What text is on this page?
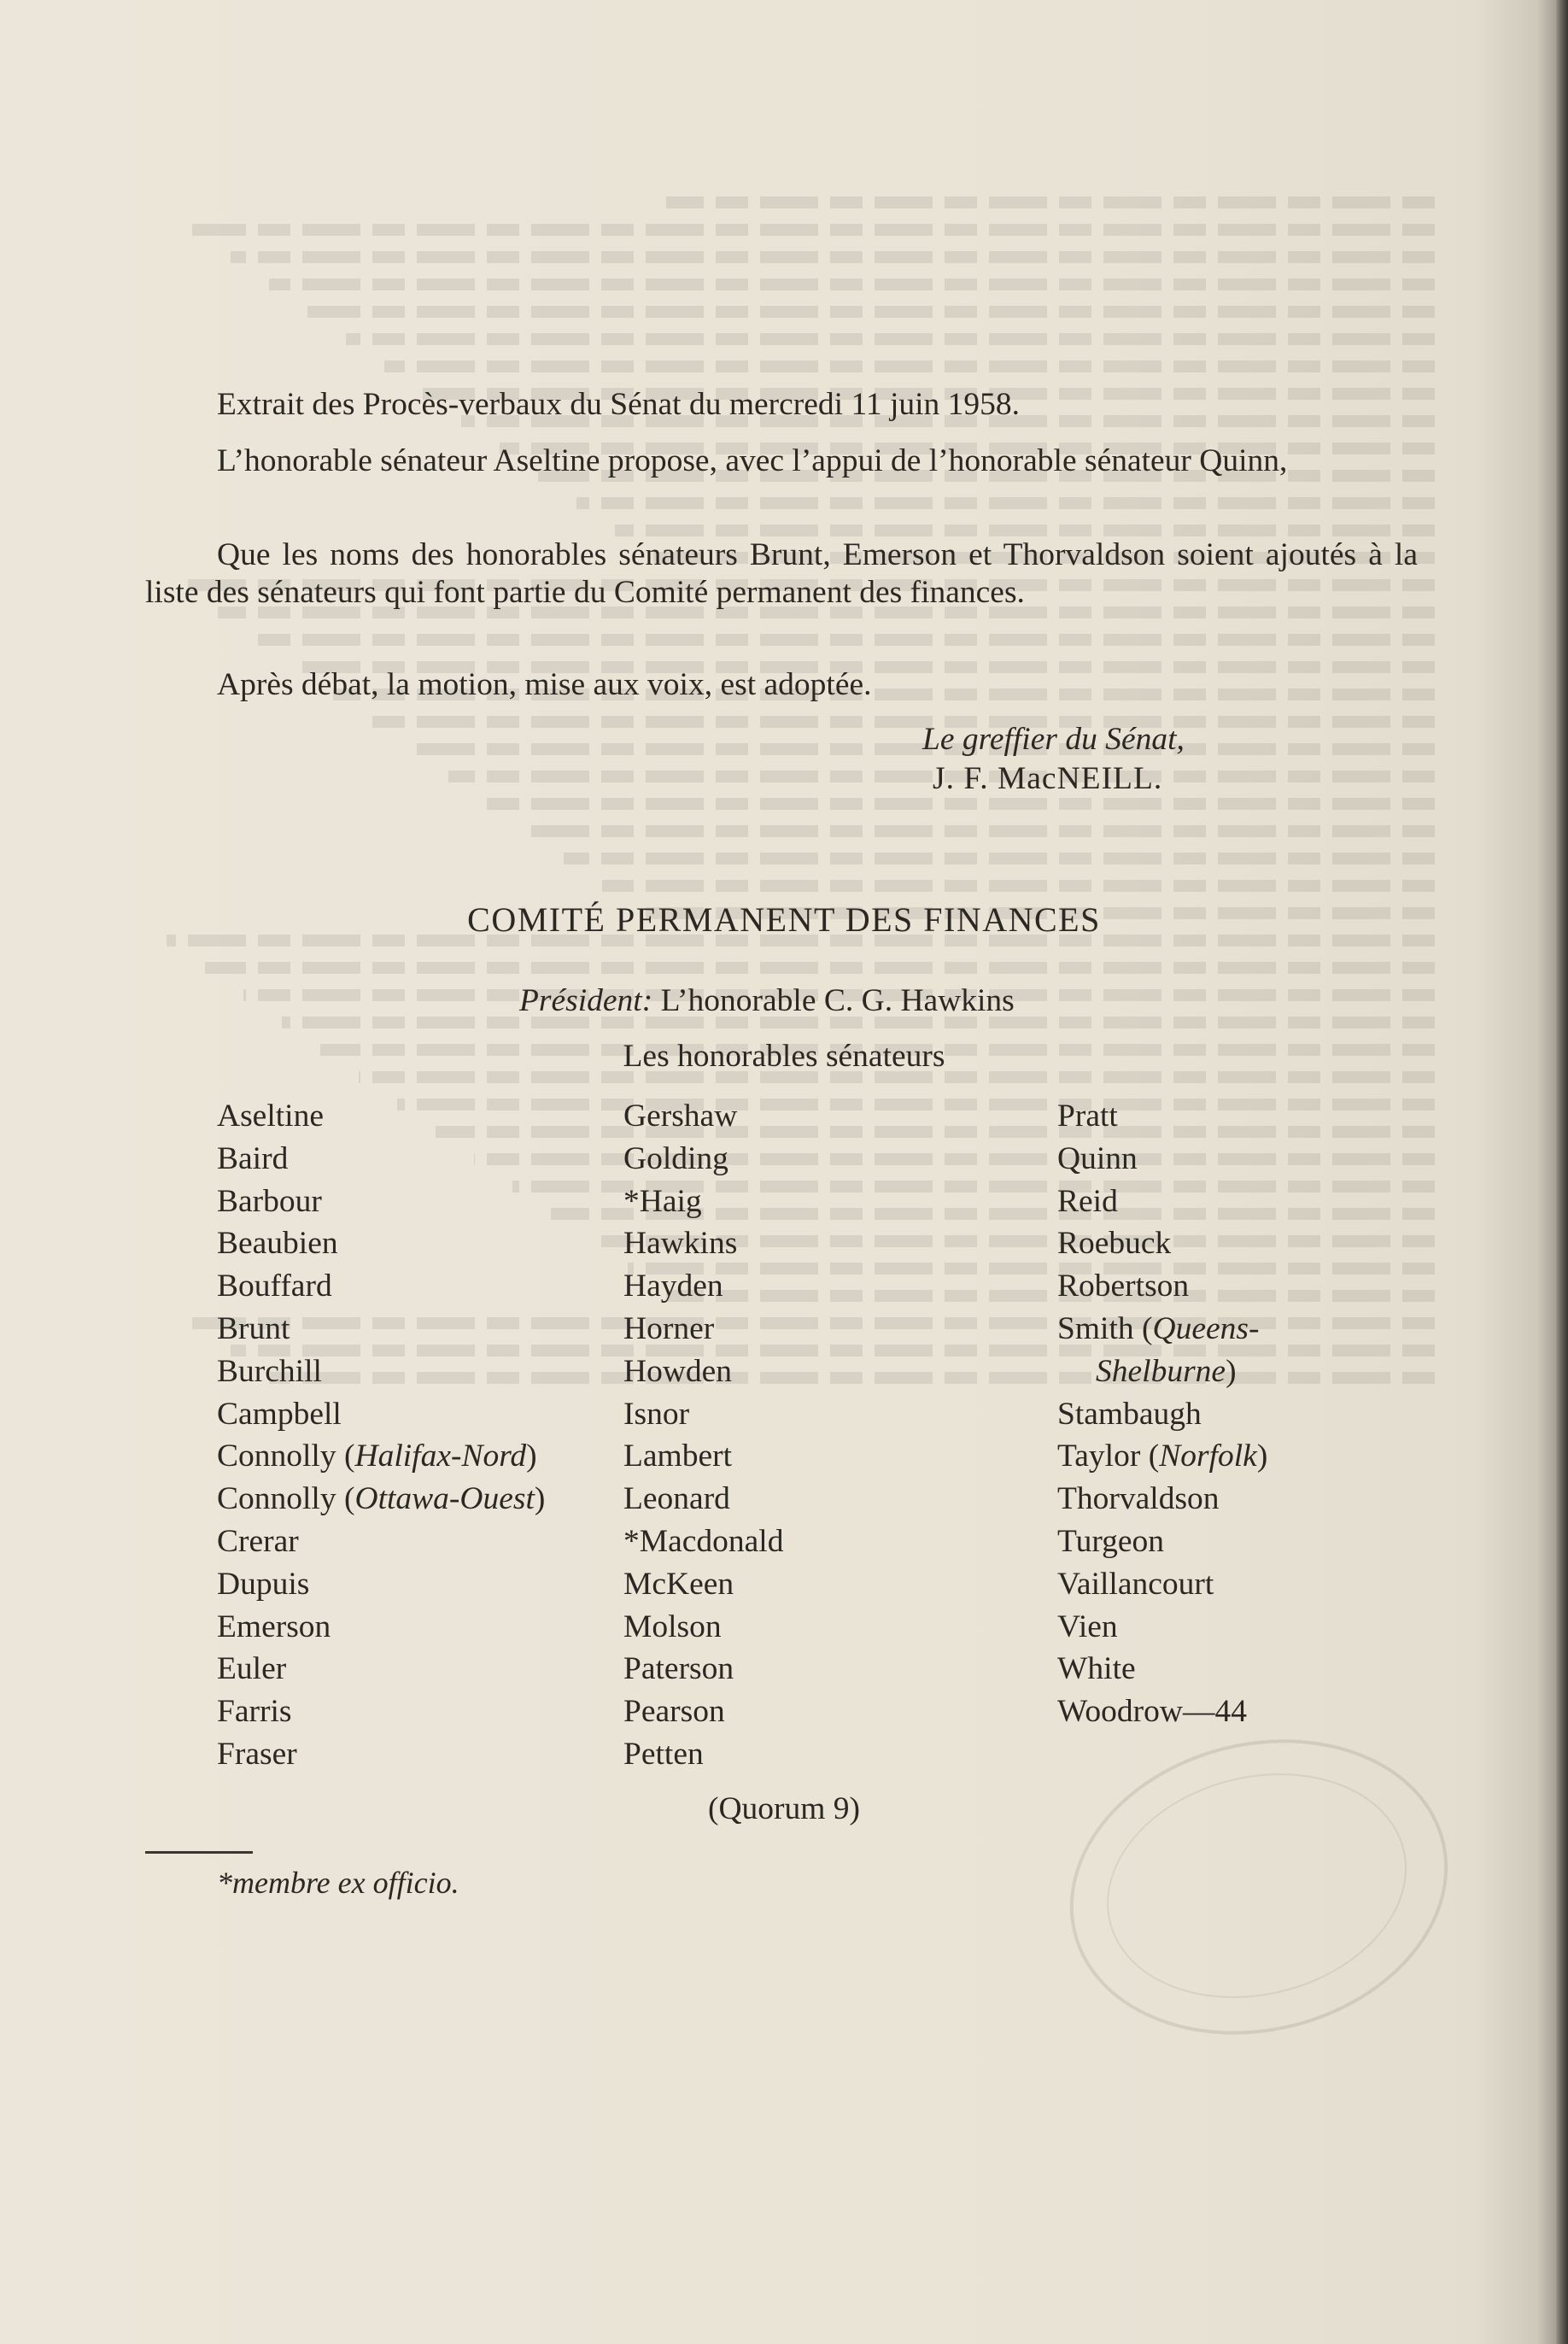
Extrait des Procès-verbaux du Sénat du mercredi 11 juin 1958.
L’honorable sénateur Aseltine propose, avec l’appui de l’honorable sénateur Quinn,
Que les noms des honorables sénateurs Brunt, Emerson et Thorvaldson soient ajoutés à la liste des sénateurs qui font partie du Comité permanent des finances.
Après débat, la motion, mise aux voix, est adoptée.
Le greffier du Sénat,
J. F. MacNEILL.
COMITÉ PERMANENT DES FINANCES
Président: L’honorable C. G. Hawkins
Les honorables sénateurs
Aseltine
Baird
Barbour
Beaubien
Bouffard
Brunt
Burchill
Campbell
Connolly (Halifax-Nord)
Connolly (Ottawa-Ouest)
Crerar
Dupuis
Emerson
Euler
Farris
Fraser
Gershaw
Golding
*Haig
Hawkins
Hayden
Horner
Howden
Isnor
Lambert
Leonard
*Macdonald
McKeen
Molson
Paterson
Pearson
Petten
Pratt
Quinn
Reid
Roebuck
Robertson
Smith (Queens-
Shelburne)
Stambaugh
Taylor (Norfolk)
Thorvaldson
Turgeon
Vaillancourt
Vien
White
Woodrow—44
(Quorum 9)
*membre ex officio.
